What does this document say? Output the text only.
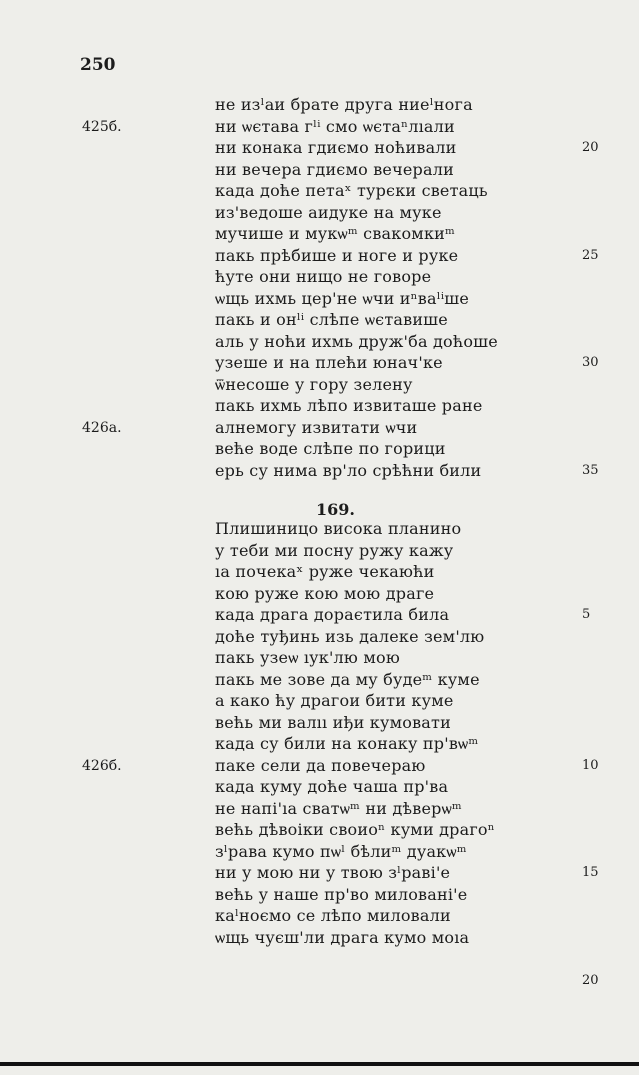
250
не изˡаи брате друга ниеˡнога
ни ѡєтава гˡⁱ смо ѡєтаⁿлıали
ни конака гдиємо ноћивали
ни вечера гдиємо вечерали
када доће петаˣ турєки светаць
из'ведоше аидуке на муке
мучише и мукѡᵐ свакомкиᵐ
пакь прѣбише и ноге и руке
ћуте они нищо не говоре
ѡщь ихмь цер'не ѡчи иⁿвaˡⁱше
пакь и онˡⁱ слѣпе ѡєтавише
аль у ноћи ихмь друж'ба доћоше
узеше и на плећи юнач'ке
ѿнесоше у гору зелену
пакь ихмь лѣпо извиташе ране
алнемогу извитати ѡчи
веће воде слѣпе по горици
ерь су нима вр'ло срѣћни били
Плишиницо висока планино
у теби ми посну ружу кажу
ıa почекаˣ руже чекаюћи
кою руже кою мою драге
када драга дораєтила била
доће туђинь изь далеке зем'лю
пакь узеѡ ıук'лю мою
пакь ме зове да му будеᵐ куме
а како ћу драгои бити куме
већь ми валıı иђи кумовати
када су били на конаку пр'вѡᵐ
паке сели да повечераю
када куму доће чаша пр'ва
не напі'ıa сватѡᵐ ни дѣверѡᵐ
већь дѣвоіки своиоⁿ куми драгоⁿ
зˡрава кумо пѡˡ бѣлиᵐ дуакѡᵐ
ни у мою ни у твою зˡраві'е
већь у наше пр'во миловані'е
каˡноємо се лѣпо миловали
ѡщь чуєш'ли драга кумо моıа
169.
425б.
426а.
426б.
20
25
30
35
5
10
15
20
